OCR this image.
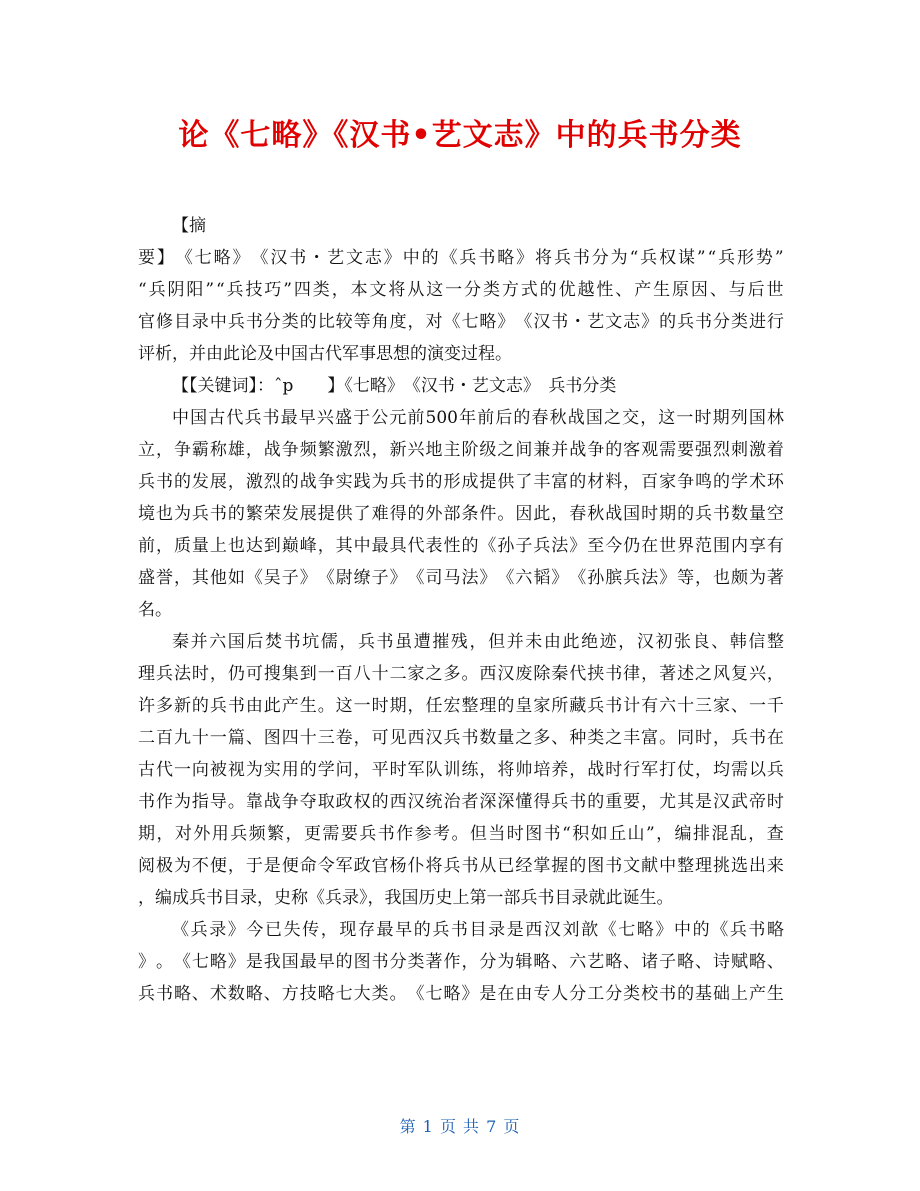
论《七略》《汉书•艺文志》中的兵书分类
【摘
要 】 《 七 略 》 《 汉 书 ・ 艺 文 志 》 中 的 《 兵 书 略 》 将 兵 书 分 为 “ 兵 权 谋 ” “ 兵 形 势 ”
“ 兵 阴 阳 ” “ 兵 技 巧 ” 四 类 ， 本 文 将 从 这 一 分 类 方 式 的 优 越 性 、 产 生 原 因 、 与 后 世
官 修 目 录 中 兵 书 分 类 的 比 较 等 角 度 ， 对 《 七 略 》 《 汉 书 ・ 艺 文 志 》 的 兵 书 分 类 进 行
评析，并由此论及中国古代军事思想的演变过程。
【【关键词】：ˆp　　】《七略》　《汉书・艺文志》　兵书分类
中 国 古 代 兵 书 最 早 兴 盛 于 公 元 前 500 年 前 后 的 春 秋 战 国 之 交 ， 这 一 时 期 列 国 林
立 ， 争 霸 称 雄 ， 战 争 频 繁 激 烈 ， 新 兴 地 主 阶 级 之 间 兼 并 战 争 的 客 观 需 要 强 烈 刺 激 着
兵 书 的 发 展 ， 激 烈 的 战 争 实 践 为 兵 书 的 形 成 提 供 了 丰 富 的 材 料 ， 百 家 争 鸣 的 学 术 环
境 也 为 兵 书 的 繁 荣 发 展 提 供 了 难 得 的 外 部 条 件 。 因 此 ， 春 秋 战 国 时 期 的 兵 书 数 量 空
前 ， 质 量 上 也 达 到 巅 峰 ， 其 中 最 具 代 表 性 的 《 孙 子 兵 法 》 至 今 仍 在 世 界 范 围 内 享 有
盛 誉 ， 其 他 如 《 吴 子 》 《 尉 缭 子 》 《 司 马 法 》 《 六 韬 》 《 孙 膑 兵 法 》 等 ， 也 颇 为 著
名。
秦 并 六 国 后 焚 书 坑 儒 ， 兵 书 虽 遭 摧 残 ， 但 并 未 由 此 绝 迹 ， 汉 初 张 良 、 韩 信 整
理 兵 法 时 ， 仍 可 搜 集 到 一 百 八 十 二 家 之 多 。 西 汉 废 除 秦 代 挟 书 律 ， 著 述 之 风 复 兴 ，
许 多 新 的 兵 书 由 此 产 生 。 这 一 时 期 ， 任 宏 整 理 的 皇 家 所 藏 兵 书 计 有 六 十 三 家 、 一 千
二 百 九 十 一 篇 、 图 四 十 三 卷 ， 可 见 西 汉 兵 书 数 量 之 多 、 种 类 之 丰 富 。 同 时 ， 兵 书 在
古 代 一 向 被 视 为 实 用 的 学 问 ， 平 时 军 队 训 练 ， 将 帅 培 养 ， 战 时 行 军 打 仗 ， 均 需 以 兵
书 作 为 指 导 。 靠 战 争 夺 取 政 权 的 西 汉 统 治 者 深 深 懂 得 兵 书 的 重 要 ， 尤 其 是 汉 武 帝 时
期 ， 对 外 用 兵 频 繁 ， 更 需 要 兵 书 作 参 考 。 但 当 时 图 书 “ 积 如 丘 山 ” ， 编 排 混 乱 ， 查
阅 极 为 不 便 ， 于 是 便 命 令 军 政 官 杨 仆 将 兵 书 从 已 经 掌 握 的 图 书 文 献 中 整 理 挑 选 出 来
，编成兵书目录，史称《兵录》，我国历史上第一部兵书目录就此诞生。
《 兵 录 》 今 已 失 传 ， 现 存 最 早 的 兵 书 目 录 是 西 汉 刘 歆 《 七 略 》 中 的 《 兵 书 略
》 。 《 七 略 》 是 我 国 最 早 的 图 书 分 类 著 作 ， 分 为 辑 略 、 六 艺 略 、 诸 子 略 、 诗 赋 略 、
兵 书 略 、 术 数 略 、 方 技 略 七 大 类 。 《 七 略 》 是 在 由 专 人 分 工 分 类 校 书 的 基 础 上 产 生
第 1 页 共 7 页
